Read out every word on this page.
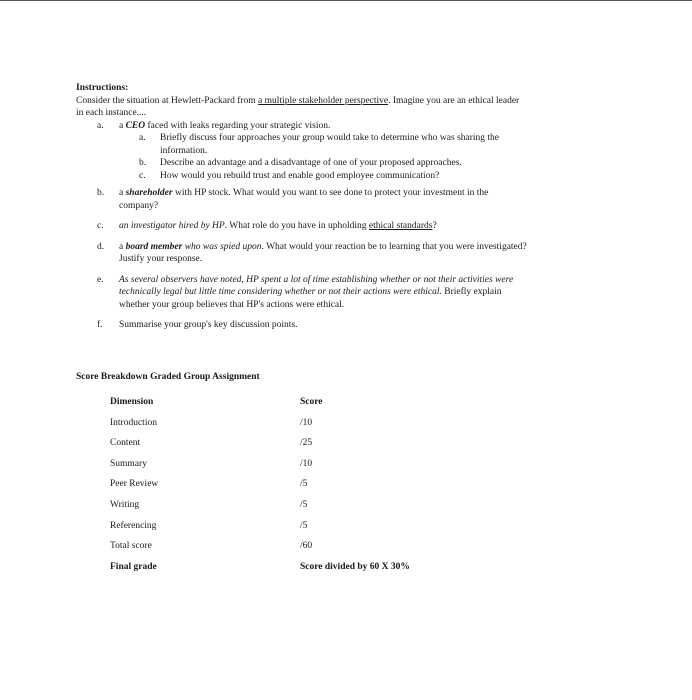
Instructions:

Consider the situation at Hewlett-Packard from a multiple stakeholder perspective. Imagine you are an ethical leader
in each instance....

a. a CEO faced with leaks regarding your strategic vision.
a. Briefly discuss four approaches your group would take to determine who was sharing the
information.
b. Describe an advantage and a disadvantage of one of your proposed approaches.
c. How would you rebuild trust and enable good employee communication?
b. a shareholder with HP stock. What would you want to see done to protect your investment in the
company?
c. an investigator hired by HP. What role do you have in upholding ethical standards?
d. a board member who was spied upon. What would your reaction be to learning that you were investigated?
Justify your response.
e. As several observers have noted, HP spent a lot of time establishing whether or not their activities were
technically legal but little time considering whether or not their actions were ethical. Briefly explain
whether your group believes that HP's actions were ethical.
f. Summarise your group's key discussion points.
Score Breakdown Graded Group Assignment
Dimension	Score
Introduction	/10
Content	/25
Summary	/10
Peer Review	/5
Writing	/5
Referencing	/5
Total score	/60
Final grade	Score divided by 60 X 30%
